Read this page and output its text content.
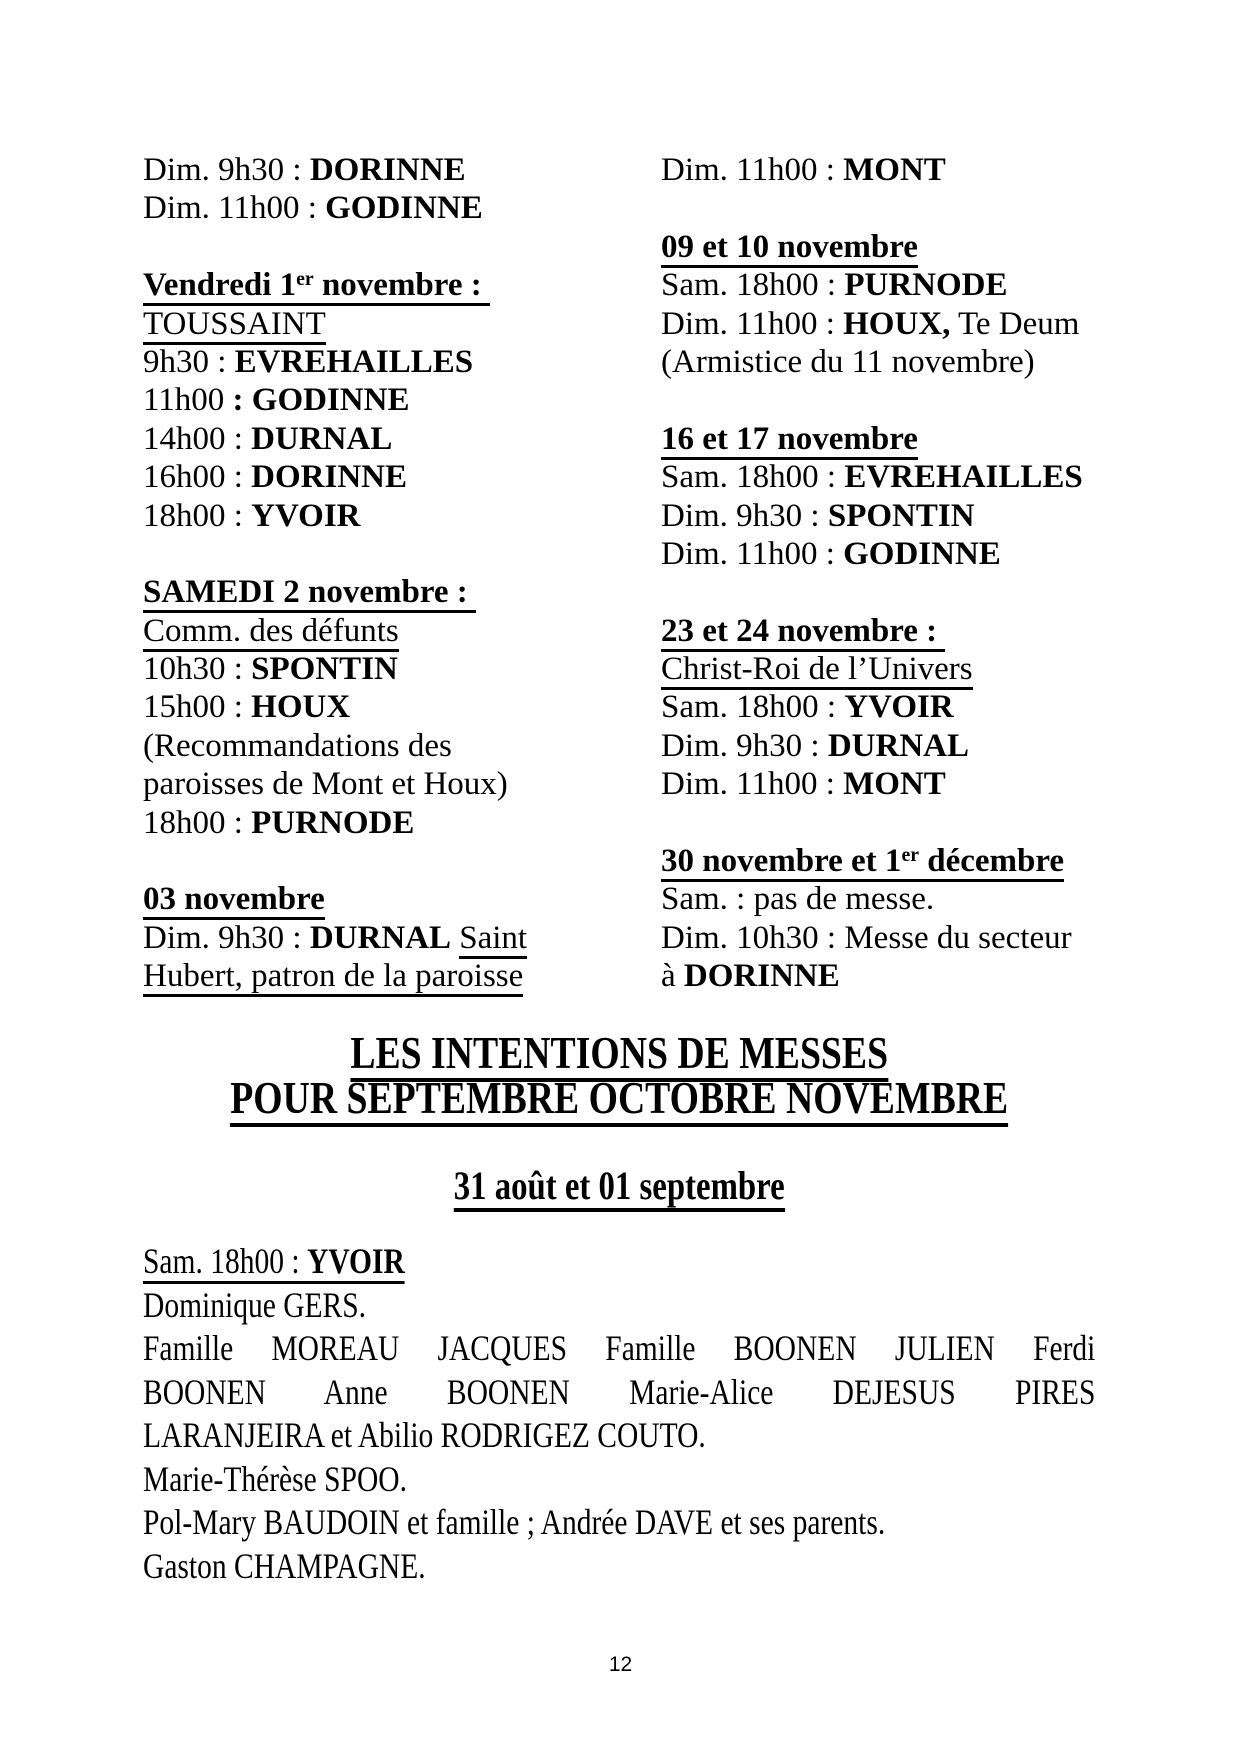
Dim. 9h30 : DORINNE
Dim. 11h00 : GODINNE

Vendredi 1er novembre :
TOUSSAINT
9h30 : EVREHAILLES
11h00 : GODINNE
14h00 : DURNAL
16h00 : DORINNE
18h00 : YVOIR

SAMEDI 2 novembre :
Comm. des défunts
10h30 : SPONTIN
15h00 : HOUX
(Recommandations des
paroisses de Mont et Houx)
18h00 : PURNODE

03 novembre
Dim. 9h30 : DURNAL Saint
Hubert, patron de la paroisse
Dim. 11h00 : MONT

09 et 10 novembre
Sam. 18h00 : PURNODE
Dim. 11h00 : HOUX, Te Deum
(Armistice du 11 novembre)

16 et 17 novembre
Sam. 18h00 : EVREHAILLES
Dim. 9h30 : SPONTIN
Dim. 11h00 : GODINNE

23 et 24 novembre :
Christ-Roi de l’Univers
Sam. 18h00 : YVOIR
Dim. 9h30 : DURNAL
Dim. 11h00 : MONT

30 novembre et 1er décembre
Sam. : pas de messe.
Dim. 10h30 : Messe du secteur
à DORINNE
LES INTENTIONS DE MESSES
POUR SEPTEMBRE OCTOBRE NOVEMBRE
31 août et 01 septembre
Sam. 18h00 : YVOIR
Dominique GERS.
Famille MOREAU JACQUES Famille BOONEN JULIEN Ferdi
BOONEN Anne BOONEN Marie-Alice DEJESUS PIRES
LARANJEIRA et Abilio RODRIGEZ COUTO.
Marie-Thérèse SPOO.
Pol-Mary BAUDOIN et famille ; Andrée DAVE et ses parents.
Gaston CHAMPAGNE.
12
